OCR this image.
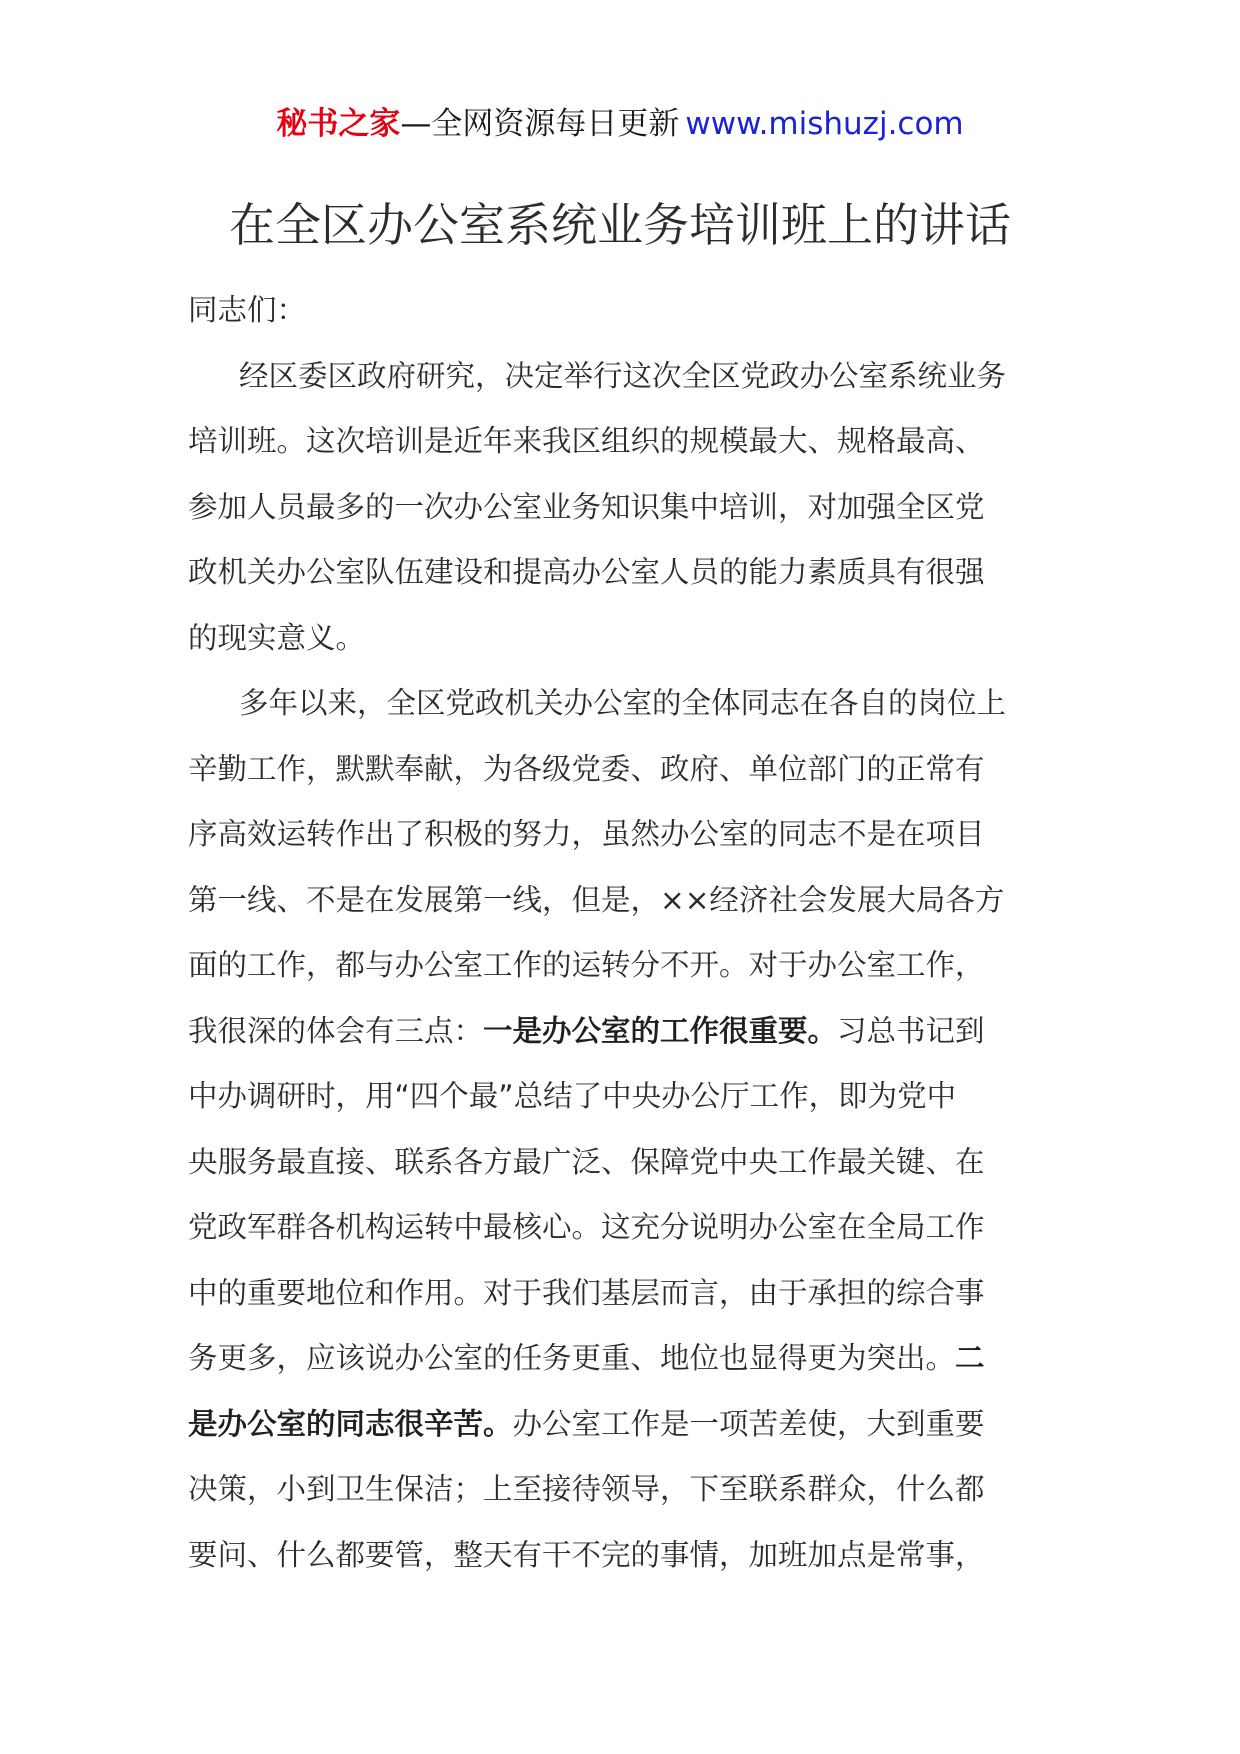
秘书之家—全网资源每日更新 www.mishuzj.com
在全区办公室系统业务培训班上的讲话
同志们：
经区委区政府研究，决定举行这次全区党政办公室系统业务
培训班。这次培训是近年来我区组织的规模最大、规格最高、
参加人员最多的一次办公室业务知识集中培训，对加强全区党
政机关办公室队伍建设和提高办公室人员的能力素质具有很强
的现实意义。
多年以来，全区党政机关办公室的全体同志在各自的岗位上
辛勤工作，默默奉献，为各级党委、政府、单位部门的正常有
序高效运转作出了积极的努力，虽然办公室的同志不是在项目
第一线、不是在发展第一线，但是，××经济社会发展大局各方
面的工作，都与办公室工作的运转分不开。对于办公室工作，
我很深的体会有三点：一是办公室的工作很重要。习总书记到
中办调研时，用“四个最”总结了中央办公厅工作，即为党中
央服务最直接、联系各方最广泛、保障党中央工作最关键、在
党政军群各机构运转中最核心。这充分说明办公室在全局工作
中的重要地位和作用。对于我们基层而言，由于承担的综合事
务更多，应该说办公室的任务更重、地位也显得更为突出。二
是办公室的同志很辛苦。办公室工作是一项苦差使，大到重要
决策，小到卫生保洁；上至接待领导，下至联系群众，什么都
要问、什么都要管，整天有干不完的事情，加班加点是常事，
